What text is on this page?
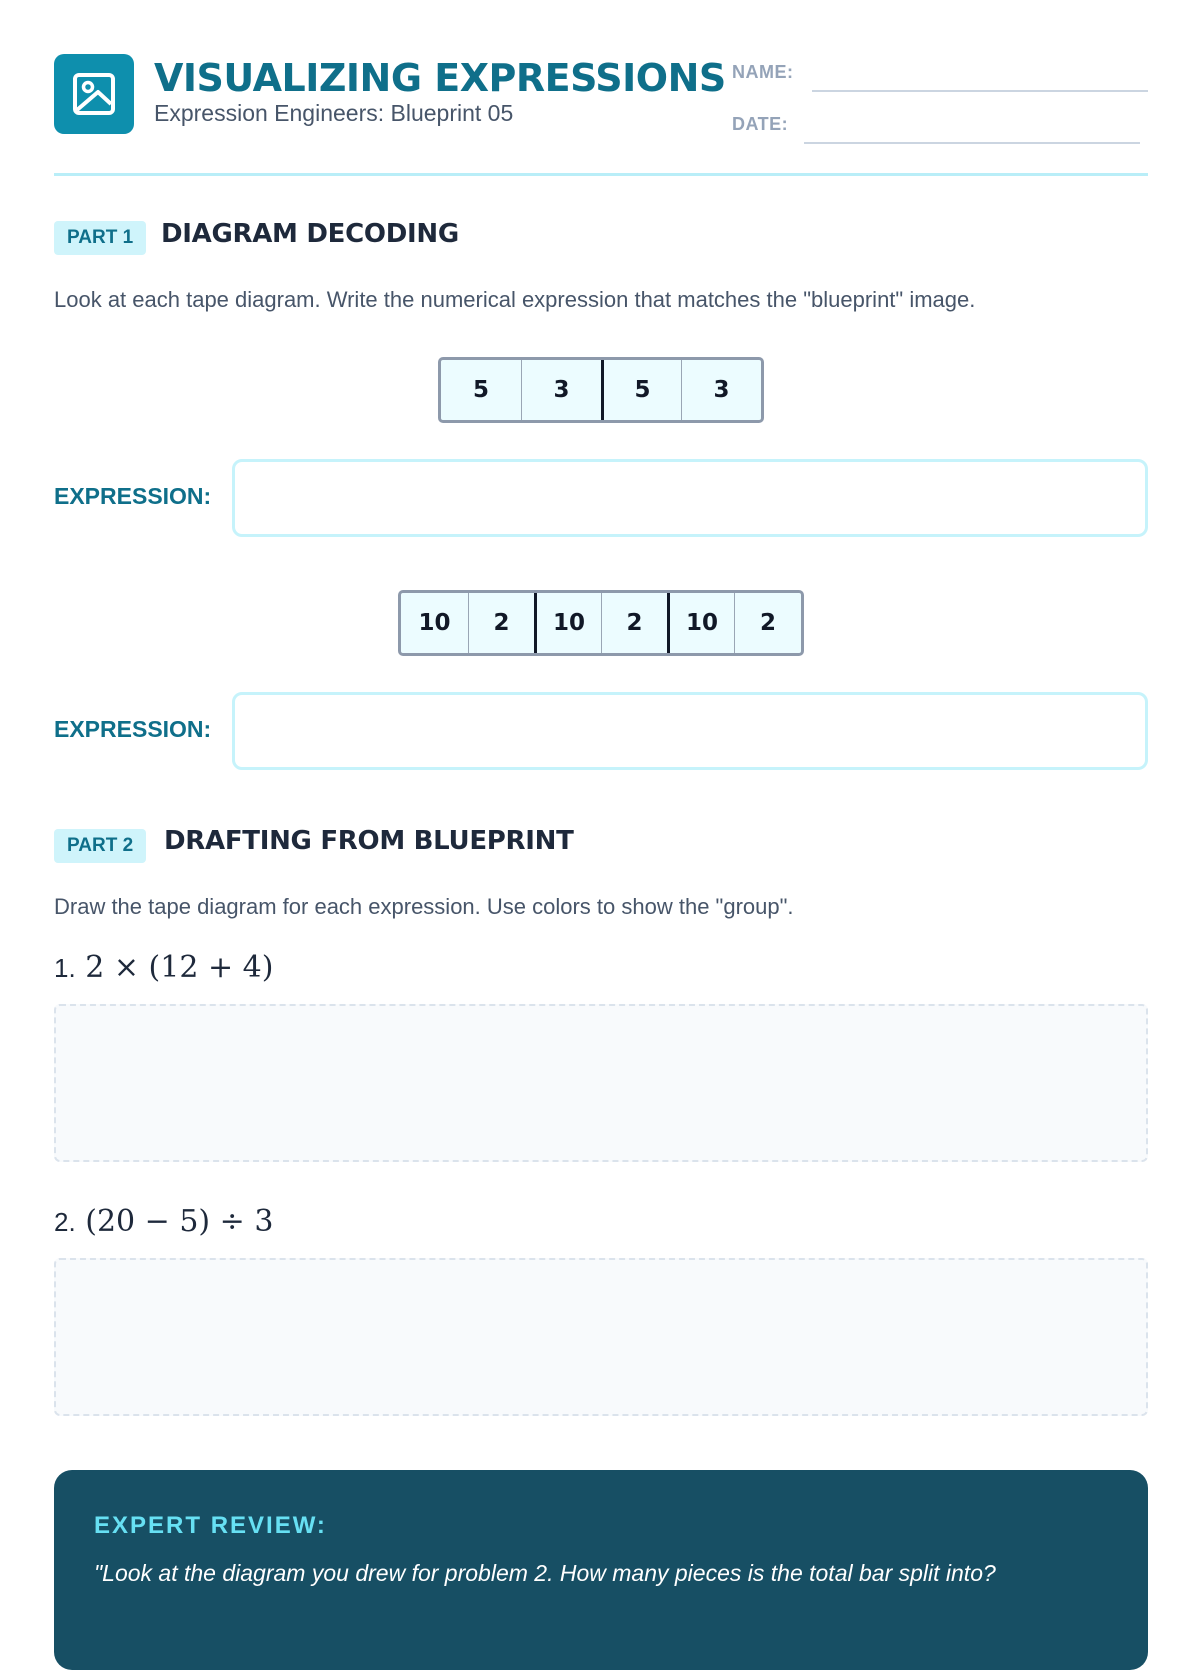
VISUALIZING EXPRESSIONS
Expression Engineers: Blueprint 05
NAME:
DATE:
PART 1	DIAGRAM DECODING
Look at each tape diagram. Write the numerical expression that matches the "blueprint" image.
5	3	5	3
EXPRESSION:
10	2	10	2	10	2
EXPRESSION:
PART 2	DRAFTING FROM BLUEPRINT
Draw the tape diagram for each expression. Use colors to show the "group".
1. 2 × (12 + 4)
2. (20 − 5) ÷ 3
EXPERT REVIEW:
"Look at the diagram you drew for problem 2. How many pieces is the total bar split into?
